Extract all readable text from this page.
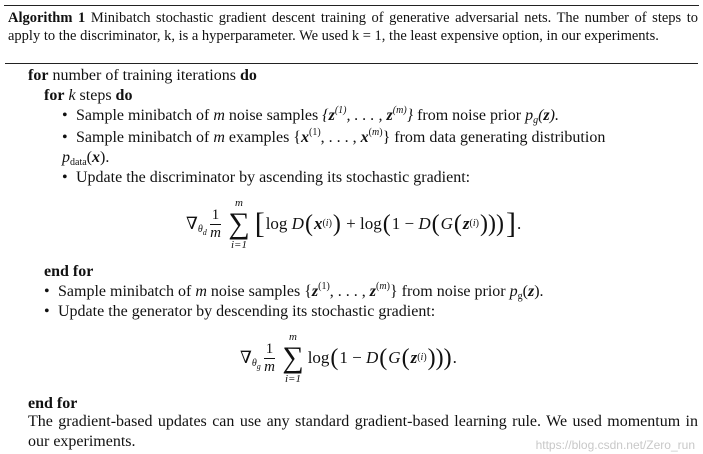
Algorithm 1 Minibatch stochastic gradient descent training of generative adversarial nets. The number of steps to apply to the discriminator, k, is a hyperparameter. We used k = 1, the least expensive option, in our experiments.
for number of training iterations do
for k steps do
• Sample minibatch of m noise samples {$z^{(1)}$, . . . , $z^{(m)}$} from noise prior $p_g(z)$.
• Sample minibatch of m examples {$x^{(1)}$, . . . , $x^{(m)}$} from data generating distribution
$p_{data}(x)$.
• Update the discriminator by ascending its stochastic gradient:
$\nabla_{\theta_d} \frac{1}{m}$
m
∑
i=1
[ log D ( x (i) ) + log ( 1 − D ( G ( z (i) ))) ] .
end for
• Sample minibatch of m noise samples {$z^{(1)}$, . . . , $z^{(m)}$} from noise prior $p_g(z)$.
• Update the generator by descending its stochastic gradient:
$\nabla_{\theta_g} \frac{1}{m}$
m
∑
i=1
log ( 1 − D ( G ( z (i) ))) .
end for
The gradient-based updates can use any standard gradient-based learning rule. We used momentum in our experiments.	https://blog.csdn.net/Zero_run
